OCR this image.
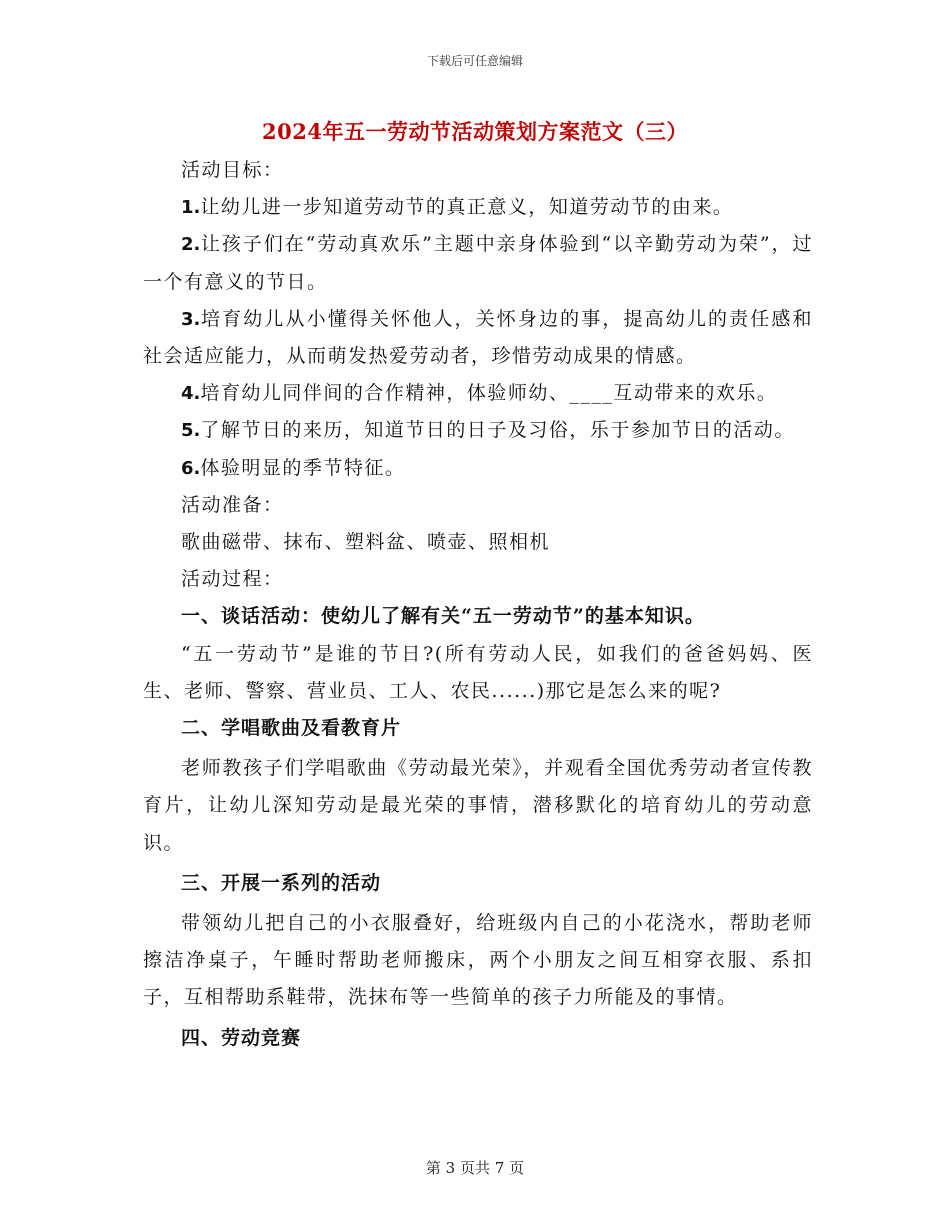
下载后可任意编辑
2024年五一劳动节活动策划方案范文（三）

活动目标：

1.让幼儿进一步知道劳动节的真正意义，知道劳动节的由来。

2.让孩子们在“劳动真欢乐”主题中亲身体验到“以辛勤劳动为荣”，过一个有意义的节日。

3.培育幼儿从小懂得关怀他人，关怀身边的事，提高幼儿的责任感和社会适应能力，从而萌发热爱劳动者，珍惜劳动成果的情感。

4.培育幼儿同伴间的合作精神，体验师幼、____互动带来的欢乐。

5.了解节日的来历，知道节日的日子及习俗，乐于参加节日的活动。

6.体验明显的季节特征。

活动准备：

歌曲磁带、抹布、塑料盆、喷壶、照相机

活动过程：

一、谈话活动：使幼儿了解有关“五一劳动节”的基本知识。

“五一劳动节”是谁的节日?(所有劳动人民，如我们的爸爸妈妈、医生、老师、警察、营业员、工人、农民......)那它是怎么来的呢?

二、学唱歌曲及看教育片

老师教孩子们学唱歌曲《劳动最光荣》，并观看全国优秀劳动者宣传教育片，让幼儿深知劳动是最光荣的事情，潜移默化的培育幼儿的劳动意识。

三、开展一系列的活动

带领幼儿把自己的小衣服叠好，给班级内自己的小花浇水，帮助老师擦洁净桌子，午睡时帮助老师搬床，两个小朋友之间互相穿衣服、系扣子，互相帮助系鞋带，洗抹布等一些简单的孩子力所能及的事情。

四、劳动竞赛

第 3 页共 7 页
